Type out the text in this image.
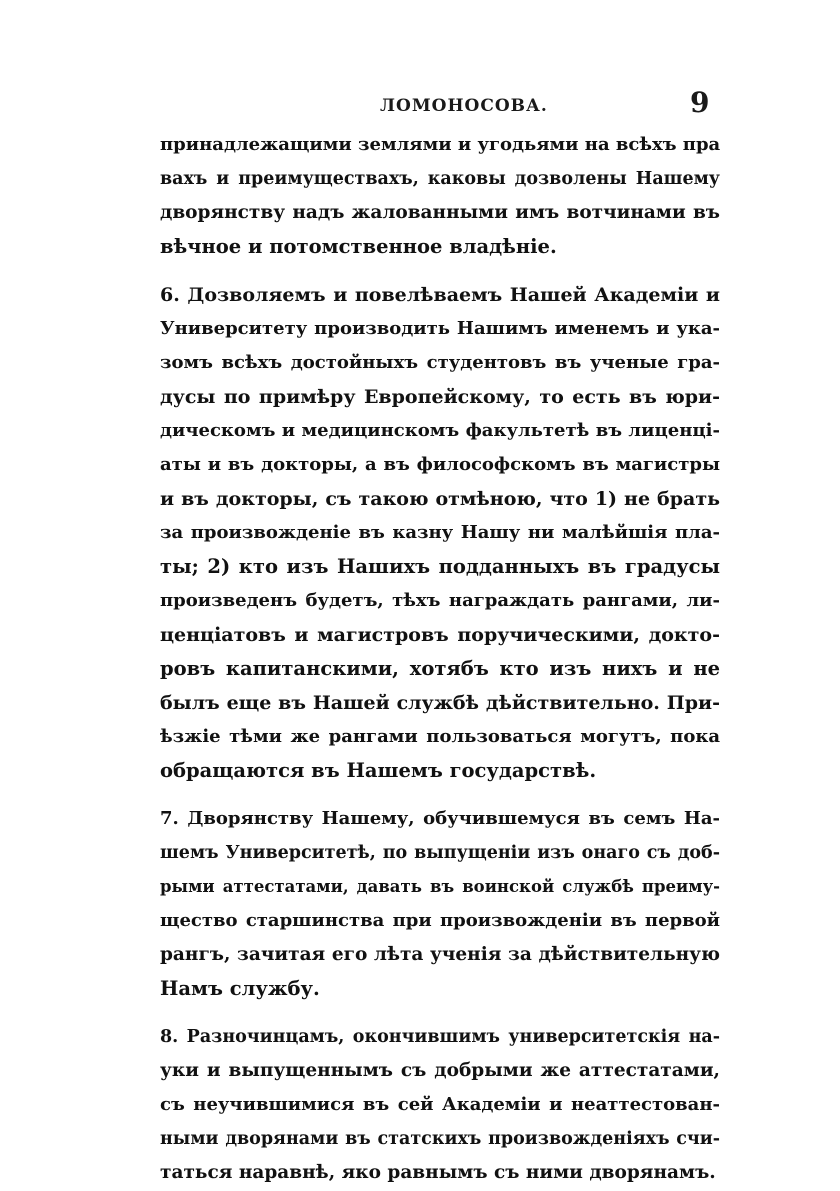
ЛОМОНОСОВА.	9
принадлежащими землями и угодьями на всѣхъ пра
вахъ и преимуществахъ, каковы дозволены Нашему
дворянству надъ жалованными имъ вотчинами въ
вѣчное и потомственное владѣніе.
6. Дозволяемъ и повелѣваемъ Нашей Академіи и
Университету производить Нашимъ именемъ и ука-
зомъ всѣхъ достойныхъ студентовъ въ ученые гра-
дусы по примѣру Европейскому, то есть въ юри-
дическомъ и медицинскомъ факультетѣ въ лиценці-
аты и въ докторы, а въ философскомъ въ магистры
и въ докторы, съ такою отмѣною, что 1) не брать
за произвожденіе въ казну Нашу ни малѣйшія пла-
ты; 2) кто изъ Нашихъ подданныхъ въ градусы
произведенъ будетъ, тѣхъ награждать рангами, ли-
ценціатовъ и магистровъ поручическими, докто-
ровъ капитанскими, хотябъ кто изъ нихъ и не
былъ еще въ Нашей службѣ дѣйствительно. При-
ѣзжіе тѣми же рангами пользоваться могутъ, пока
обращаются въ Нашемъ государствѣ.
7. Дворянству Нашему, обучившемуся въ семъ На-
шемъ Университетѣ, по выпущеніи изъ онаго съ доб-
рыми аттестатами, давать въ воинской службѣ преиму-
щество старшинства при произвожденіи въ первой
рангъ, зачитая его лѣта ученія за дѣйствительную
Намъ службу.
8. Разночинцамъ, окончившимъ университетскія на-
уки и выпущеннымъ съ добрыми же аттестатами,
съ неучившимися въ сей Академіи и неаттестован-
ными дворянами въ статскихъ произвожденіяхъ счи-
таться наравнѣ, яко равнымъ съ ними дворянамъ.
